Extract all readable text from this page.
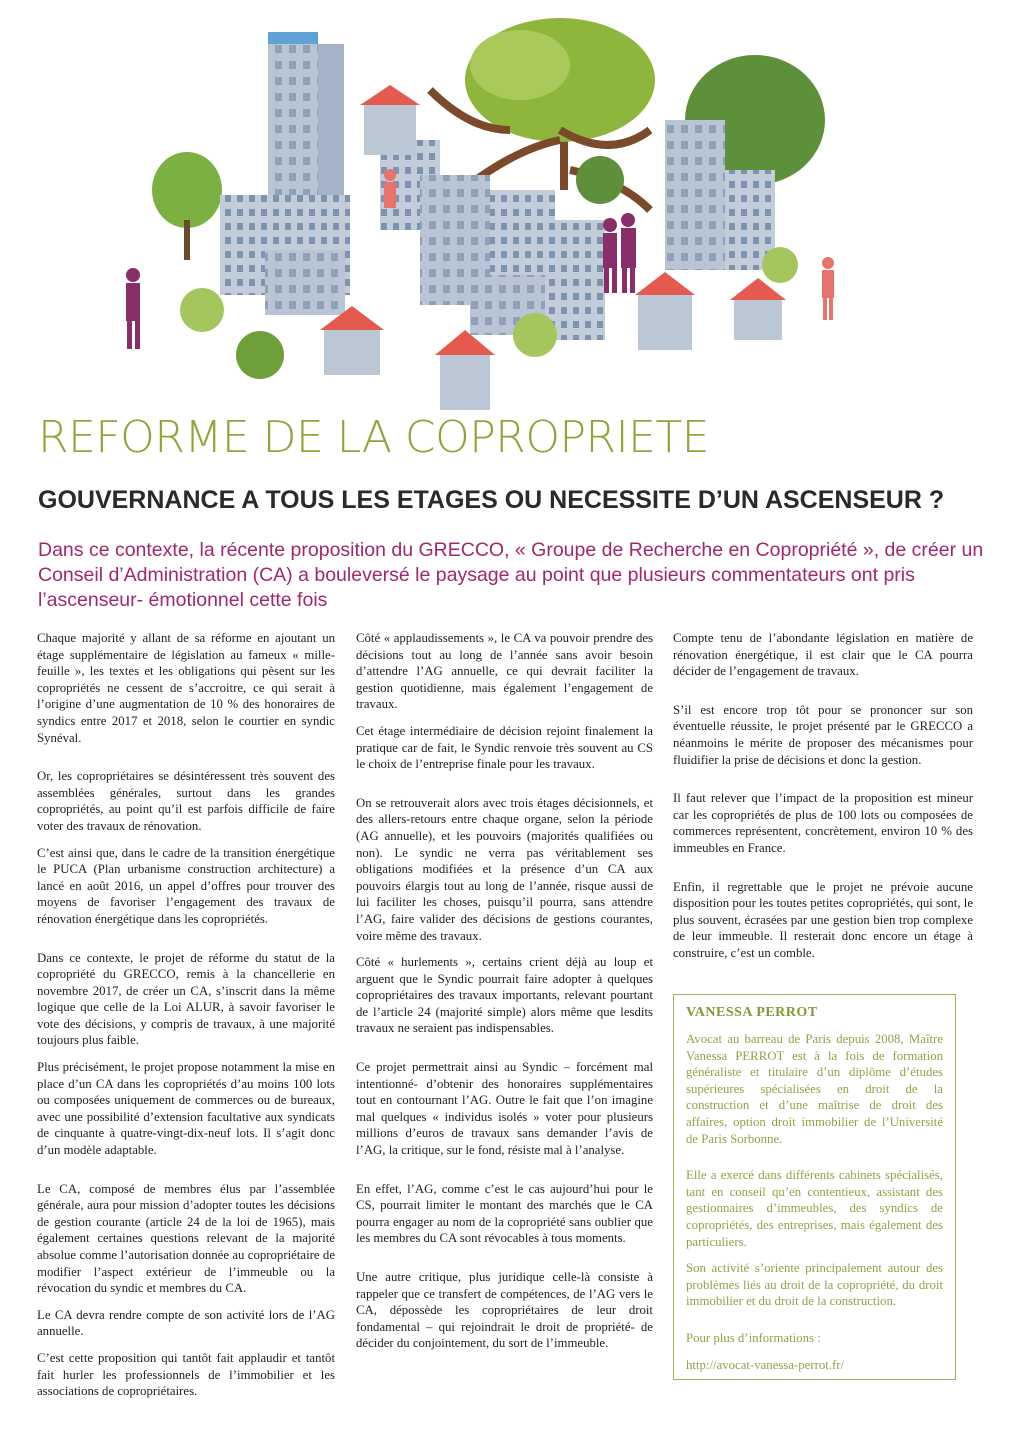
REFORME DE LA COPROPRIETE
GOUVERNANCE A TOUS LES ETAGES OU NECESSITE D’UN ASCENSEUR ?

Dans ce contexte, la récente proposition du GRECCO, « Groupe de Recherche en Copropriété », de créer un Conseil d’Administration (CA) a bouleversé le paysage au point que plusieurs commentateurs ont pris l’ascenseur- émotionnel cette fois

Chaque majorité y allant de sa réforme en ajoutant un étage supplémentaire de législation au fameux « mille-feuille », les textes et les obligations qui pèsent sur les copropriétés ne cessent de s’accroitre, ce qui serait à l’origine d’une augmentation de 10 % des honoraires de syndics entre 2017 et 2018, selon le courtier en syndic Synéval.

Or, les copropriétaires se désintéressent très souvent des assemblées générales, surtout dans les grandes copropriétés, au point qu’il est parfois difficile de faire voter des travaux de rénovation.

C’est ainsi que, dans le cadre de la transition énergétique le PUCA (Plan urbanisme construction architecture) a lancé en août 2016, un appel d’offres pour trouver des moyens de favoriser l’engagement des travaux de rénovation énergétique dans les copropriétés.

Dans ce contexte, le projet de réforme du statut de la copropriété du GRECCO, remis à la chancellerie en novembre 2017, de créer un CA, s’inscrit dans la même logique que celle de la Loi ALUR, à savoir favoriser le vote des décisions, y compris de travaux, à une majorité toujours plus faible.

Plus précisément, le projet propose notamment la mise en place d’un CA dans les copropriétés d’au moins 100 lots ou composées uniquement de commerces ou de bureaux, avec une possibilité d’extension facultative aux syndicats de cinquante à quatre-vingt-dix-neuf lots. Il s’agit donc d’un modèle adaptable.

Le CA, composé de membres élus par l’assemblée générale, aura pour mission d’adopter toutes les décisions de gestion courante (article 24 de la loi de 1965), mais également certaines questions relevant de la majorité absolue comme l’autorisation donnée au copropriétaire de modifier l’aspect extérieur de l’immeuble ou la révocation du syndic et membres du CA.

Le CA devra rendre compte de son activité lors de l’AG annuelle.

C’est cette proposition qui tantôt fait applaudir et tantôt fait hurler les professionnels de l’immobilier et les associations de copropriétaires.

Côté « applaudissements », le CA va pouvoir prendre des décisions tout au long de l’année sans avoir besoin d’attendre l’AG annuelle, ce qui devrait faciliter la gestion quotidienne, mais également l’engagement de travaux.

Cet étage intermédiaire de décision rejoint finalement la pratique car de fait, le Syndic renvoie très souvent au CS le choix de l’entreprise finale pour les travaux.

On se retrouverait alors avec trois étages décisionnels, et des allers-retours entre chaque organe, selon la période (AG annuelle), et les pouvoirs (majorités qualifiées ou non). Le syndic ne verra pas véritablement ses obligations modifiées et la présence d’un CA aux pouvoirs élargis tout au long de l’année, risque aussi de lui faciliter les choses, puisqu’il pourra, sans attendre l’AG, faire valider des décisions de gestions courantes, voire même des travaux.

Côté « hurlements », certains crient déjà au loup et arguent que le Syndic pourrait faire adopter à quelques copropriétaires des travaux importants, relevant pourtant de l’article 24 (majorité simple) alors même que lesdits travaux ne seraient pas indispensables.

Ce projet permettrait ainsi au Syndic – forcément mal intentionné- d’obtenir des honoraires supplémentaires tout en contournant l’AG. Outre le fait que l’on imagine mal quelques « individus isolés » voter pour plusieurs millions d’euros de travaux sans demander l’avis de l’AG, la critique, sur le fond, résiste mal à l’analyse.

En effet, l’AG, comme c’est le cas aujourd’hui pour le CS, pourrait limiter le montant des marchés que le CA pourra engager au nom de la copropriété sans oublier que les membres du CA sont révocables à tous moments.

Une autre critique, plus juridique celle-là consiste à rappeler que ce transfert de compétences, de l’AG vers le CA, dépossède les copropriétaires de leur droit fondamental – qui rejoindrait le droit de propriété- de décider du conjointement, du sort de l’immeuble.

Compte tenu de l’abondante législation en matière de rénovation énergétique, il est clair que le CA pourra décider de l’engagement de travaux.

S’il est encore trop tôt pour se prononcer sur son éventuelle réussite, le projet présenté par le GRECCO a néanmoins le mérite de proposer des mécanismes pour fluidifier la prise de décisions et donc la gestion.

Il faut relever que l’impact de la proposition est mineur car les copropriétés de plus de 100 lots ou composées de commerces représentent, concrètement, environ 10 % des immeubles en France.

Enfin, il regrettable que le projet ne prévoie aucune disposition pour les toutes petites copropriétés, qui sont, le plus souvent, écrasées par une gestion bien trop complexe de leur immeuble. Il resterait donc encore un étage à construire, c’est un comble.

VANESSA PERROT

Avocat au barreau de Paris depuis 2008, Maître Vanessa PERROT est à la fois de formation généraliste et titulaire d’un diplôme d’études supérieures spécialisées en droit de la construction et d’une maîtrise de droit des affaires, option droit immobilier de l’Université de Paris Sorbonne.

Elle a exercé dans différents cabinets spécialisés, tant en conseil qu’en contentieux, assistant des gestionnaires d’immeubles, des syndics de copropriétés, des entreprises, mais également des particuliers.

Son activité s’oriente principalement autour des problèmes liés au droit de la copropriété, du droit immobilier et du droit de la construction.

Pour plus d’informations :

http://avocat-vanessa-perrot.fr/
